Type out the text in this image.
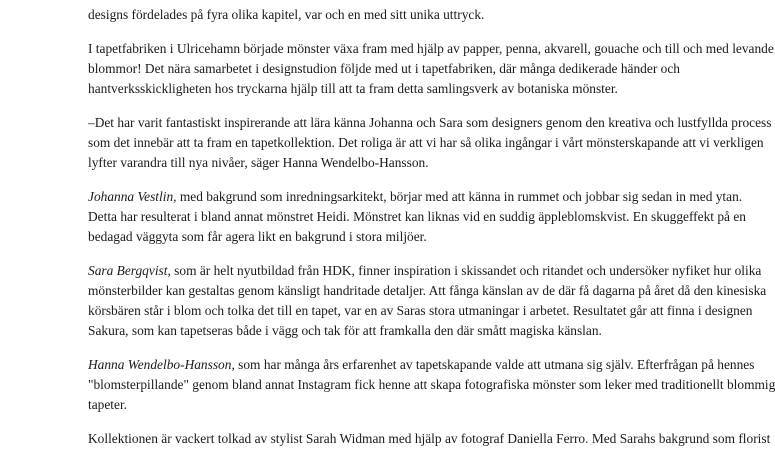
designs fördelades på fyra olika kapitel, var och en med sitt unika uttryck.

I tapetfabriken i Ulricehamn började mönster växa fram med hjälp av papper, penna, akvarell, gouache och till och med levande
blommor! Det nära samarbetet i designstudion följde med ut i tapetfabriken, där många dedikerade händer och
hantverksskickligheten hos tryckarna hjälp till att ta fram detta samlingsverk av botaniska mönster.

–Det har varit fantastiskt inspirerande att lära känna Johanna och Sara som designers genom den kreativa och lustfyllda process
som det innebär att ta fram en tapetkollektion. Det roliga är att vi har så olika ingångar i vårt mönsterskapande att vi verkligen
lyfter varandra till nya nivåer, säger Hanna Wendelbo-Hansson.

Johanna Vestlin, med bakgrund som inredningsarkitekt, börjar med att känna in rummet och jobbar sig sedan in med ytan.
Detta har resulterat i bland annat mönstret Heidi. Mönstret kan liknas vid en suddig äppleblomskvist. En skuggeffekt på en
bedagad väggyta som får agera likt en bakgrund i stora miljöer.

Sara Bergqvist, som är helt nyutbildad från HDK, finner inspiration i skissandet och ritandet och undersöker nyfiket hur olika
mönsterbilder kan gestaltas genom känsligt handritade detaljer. Att fånga känslan av de där få dagarna på året då den kinesiska
körsbären står i blom och tolka det till en tapet, var en av Saras stora utmaningar i arbetet. Resultatet går att finna i designen
Sakura, som kan tapetseras både i vägg och tak för att framkalla den där smått magiska känslan.

Hanna Wendelbo-Hansson, som har många års erfarenhet av tapetskapande valde att utmana sig själv. Efterfrågan på hennes
"blomsterpillande" genom bland annat Instagram fick henne att skapa fotografiska mönster som leker med traditionellt blommig
tapeter.

Kollektionen är vackert tolkad av stylist Sarah Widman med hjälp av fotograf Daniella Ferro. Med Sarahs bakgrund som florist
